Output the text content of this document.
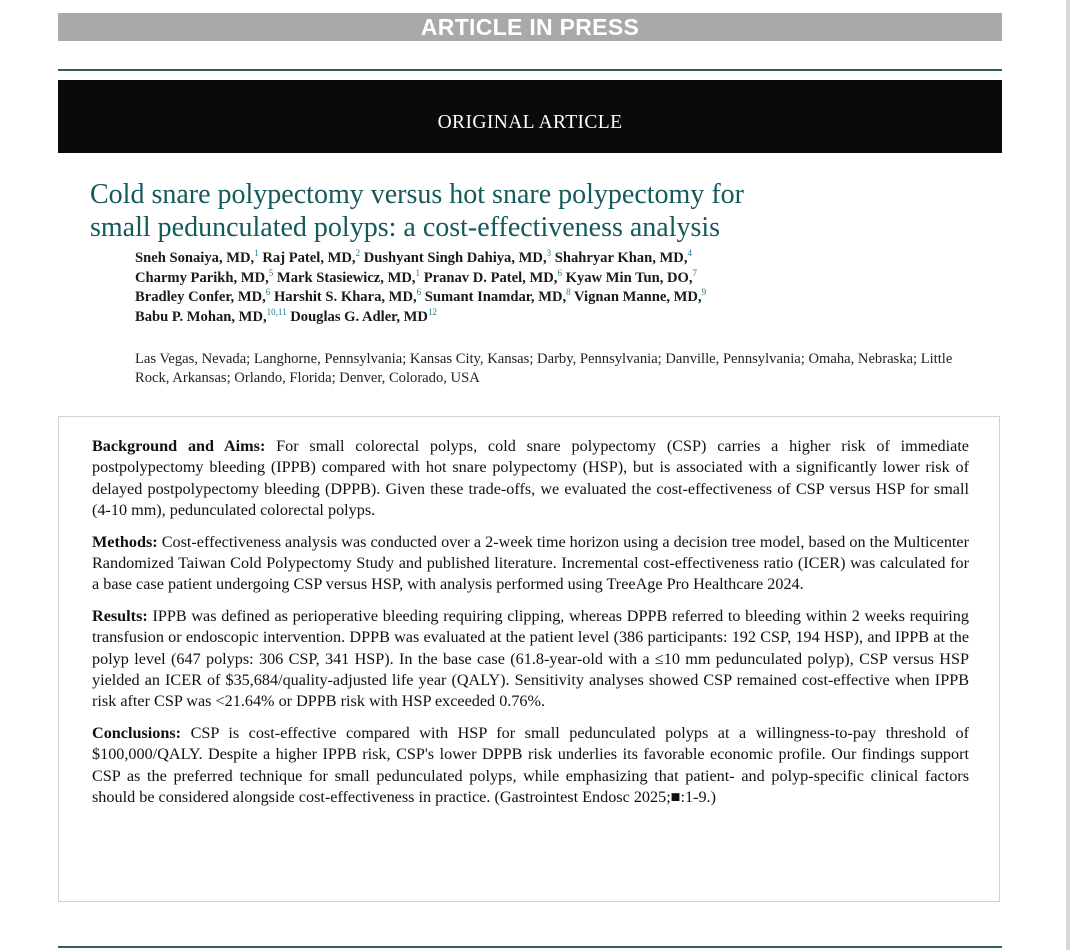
ARTICLE IN PRESS
ORIGINAL ARTICLE
Cold snare polypectomy versus hot snare polypectomy for
small pedunculated polyps: a cost-effectiveness analysis
Sneh Sonaiya, MD,$^1$ Raj Patel, MD,$^2$ Dushyant Singh Dahiya, MD,$^3$ Shahryar Khan, MD,$^4$
Charmy Parikh, MD,$^5$ Mark Stasiewicz, MD,$^1$ Pranav D. Patel, MD,$^6$ Kyaw Min Tun, DO,$^7$
Bradley Confer, MD,$^6$ Harshit S. Khara, MD,$^6$ Sumant Inamdar, MD,$^8$ Vignan Manne, MD,$^9$
Babu P. Mohan, MD,$^{10,11}$ Douglas G. Adler, MD$^{12}$
Las Vegas, Nevada; Langhorne, Pennsylvania; Kansas City, Kansas; Darby, Pennsylvania; Danville, Pennsylvania; Omaha, Nebraska; Little Rock, Arkansas; Orlando, Florida; Denver, Colorado, USA

Background and Aims: For small colorectal polyps, cold snare polypectomy (CSP) carries a higher risk of immediate postpolypectomy bleeding (IPPB) compared with hot snare polypectomy (HSP), but is associated with a significantly lower risk of delayed postpolypectomy bleeding (DPPB). Given these trade-offs, we evaluated the cost-effectiveness of CSP versus HSP for small (4-10 mm), pedunculated colorectal polyps.

Methods: Cost-effectiveness analysis was conducted over a 2-week time horizon using a decision tree model, based on the Multicenter Randomized Taiwan Cold Polypectomy Study and published literature. Incremental cost-effectiveness ratio (ICER) was calculated for a base case patient undergoing CSP versus HSP, with analysis performed using TreeAge Pro Healthcare 2024.

Results: IPPB was defined as perioperative bleeding requiring clipping, whereas DPPB referred to bleeding within 2 weeks requiring transfusion or endoscopic intervention. DPPB was evaluated at the patient level (386 participants: 192 CSP, 194 HSP), and IPPB at the polyp level (647 polyps: 306 CSP, 341 HSP). In the base case (61.8-year-old with a ≤10 mm pedunculated polyp), CSP versus HSP yielded an ICER of $35,684/quality-adjusted life year (QALY). Sensitivity analyses showed CSP remained cost-effective when IPPB risk after CSP was <21.64% or DPPB risk with HSP exceeded 0.76%.

Conclusions: CSP is cost-effective compared with HSP for small pedunculated polyps at a willingness-to-pay threshold of $100,000/QALY. Despite a higher IPPB risk, CSP's lower DPPB risk underlies its favorable economic profile. Our findings support CSP as the preferred technique for small pedunculated polyps, while emphasizing that patient- and polyp-specific clinical factors should be considered alongside cost-effectiveness in practice. (Gastrointest Endosc 2025;■:1-9.)
